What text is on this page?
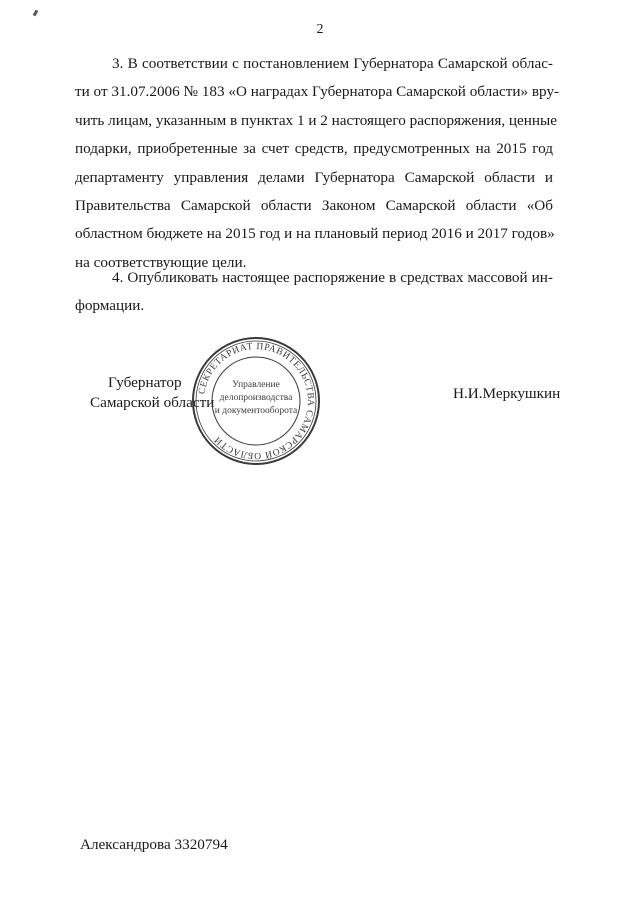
2
3. В соответствии с постановлением Губернатора Самарской облас-
ти от 31.07.2006 № 183 «О наградах Губернатора Самарской области» вру-
чить лицам, указанным в пунктах 1 и 2 настоящего распоряжения, ценные
подарки, приобретенные за счет средств, предусмотренных на 2015 год
департаменту управления делами Губернатора Самарской области и
Правительства Самарской области Законом Самарской области «Об
областном бюджете на 2015 год и на плановый период 2016 и 2017 годов»
на соответствующие цели.
4. Опубликовать настоящее распоряжение в средствах массовой ин-
формации.
Губернатор
Самарской области
СЕКРЕТАРИАТ ПРАВИТЕЛЬСТВА САМАРСКОЙ ОБЛАСТИ
Управление
делопроизводства
и документооборота
Н.И.Меркушкин
Александрова 3320794
